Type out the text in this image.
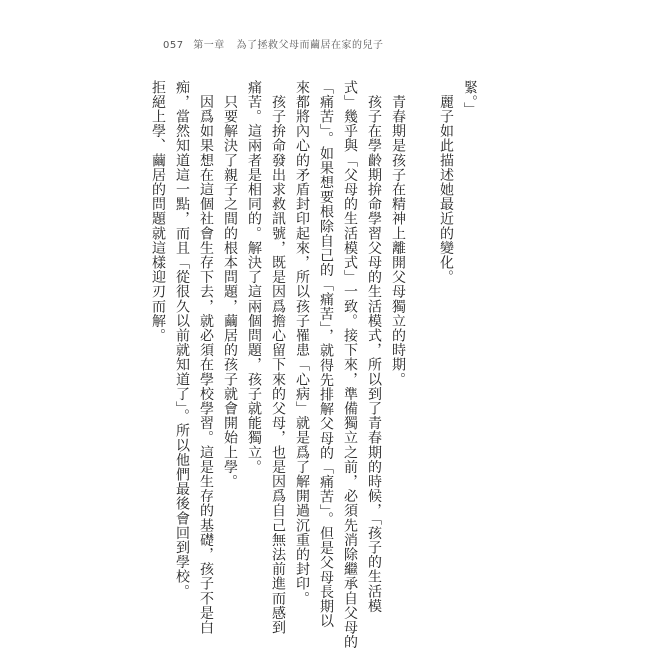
057 第一章 為了拯救父母而繭居在家的兒子
緊。」
　麗子如此描述她最近的變化。
　青春期是孩子在精神上離開父母獨立的時期。
　孩子在學齡期拚命學習父母的生活模式，所以到了青春期的時候，「孩子的生活模
式」幾乎與「父母的生活模式」一致。接下來，準備獨立之前，必須先消除繼承自父母的
「痛苦」。如果想要根除自己的「痛苦」，就得先排解父母的「痛苦」。但是父母長期以
來都將內心的矛盾封印起來，所以孩子罹患「心病」就是爲了解開過沉重的封印。
　孩子拚命發出求救訊號，既是因爲擔心留下來的父母，也是因爲自己無法前進而感到
痛苦。這兩者是相同的。解決了這兩個問題，孩子就能獨立。
　只要解決了親子之間的根本問題，繭居的孩子就會開始上學。
　因爲如果想在這個社會生存下去，就必須在學校學習。這是生存的基礎，孩子不是白
痴，當然知道這一點，而且「從很久以前就知道了」。所以他們最後會回到學校。
拒絕上學、繭居的問題就這樣迎刃而解。
